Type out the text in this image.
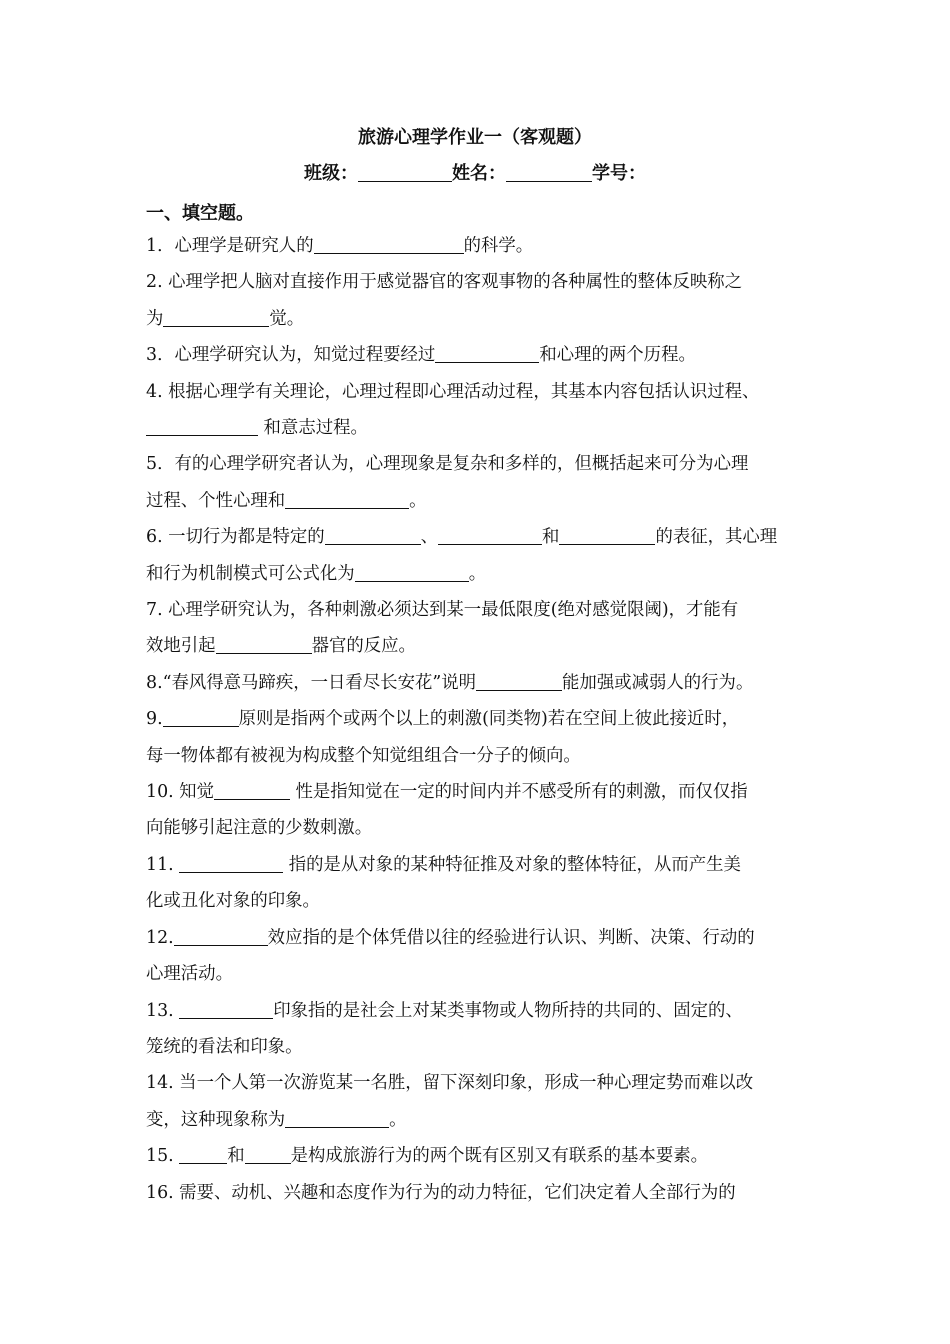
旅游心理学作业一（客观题）
班级：	姓名：	学号：
一、填空题。
1．心理学是研究人的	的科学。
2. 心理学把人脑对直接作用于感觉器官的客观事物的各种属性的整体反映称之
为	觉。
3．心理学研究认为，知觉过程要经过	和心理的两个历程。
4. 根据心理学有关理论，心理过程即心理活动过程，其基本内容包括认识过程、
和意志过程。
5．有的心理学研究者认为，心理现象是复杂和多样的，但概括起来可分为心理
过程、个性心理和	。
6. 一切行为都是特定的	、	和	的表征，其心理
和行为机制模式可公式化为	。
7. 心理学研究认为，各种刺激必须达到某一最低限度(绝对感觉限阈)，才能有
效地引起	器官的反应。
8.“春风得意马蹄疾，一日看尽长安花”说明	能加强或减弱人的行为。
9.	原则是指两个或两个以上的刺激(同类物)若在空间上彼此接近时，
每一物体都有被视为构成整个知觉组组合一分子的倾向。
10. 知觉	性是指知觉在一定的时间内并不感受所有的刺激，而仅仅指
向能够引起注意的少数刺激。
11.	指的是从对象的某种特征推及对象的整体特征，从而产生美
化或丑化对象的印象。
12.	效应指的是个体凭借以往的经验进行认识、判断、决策、行动的
心理活动。
13.	印象指的是社会上对某类事物或人物所持的共同的、固定的、
笼统的看法和印象。
14. 当一个人第一次游览某一名胜，留下深刻印象，形成一种心理定势而难以改
变，这种现象称为	。
15.	和	是构成旅游行为的两个既有区别又有联系的基本要素。
16. 需要、动机、兴趣和态度作为行为的动力特征，它们决定着人全部行为的
